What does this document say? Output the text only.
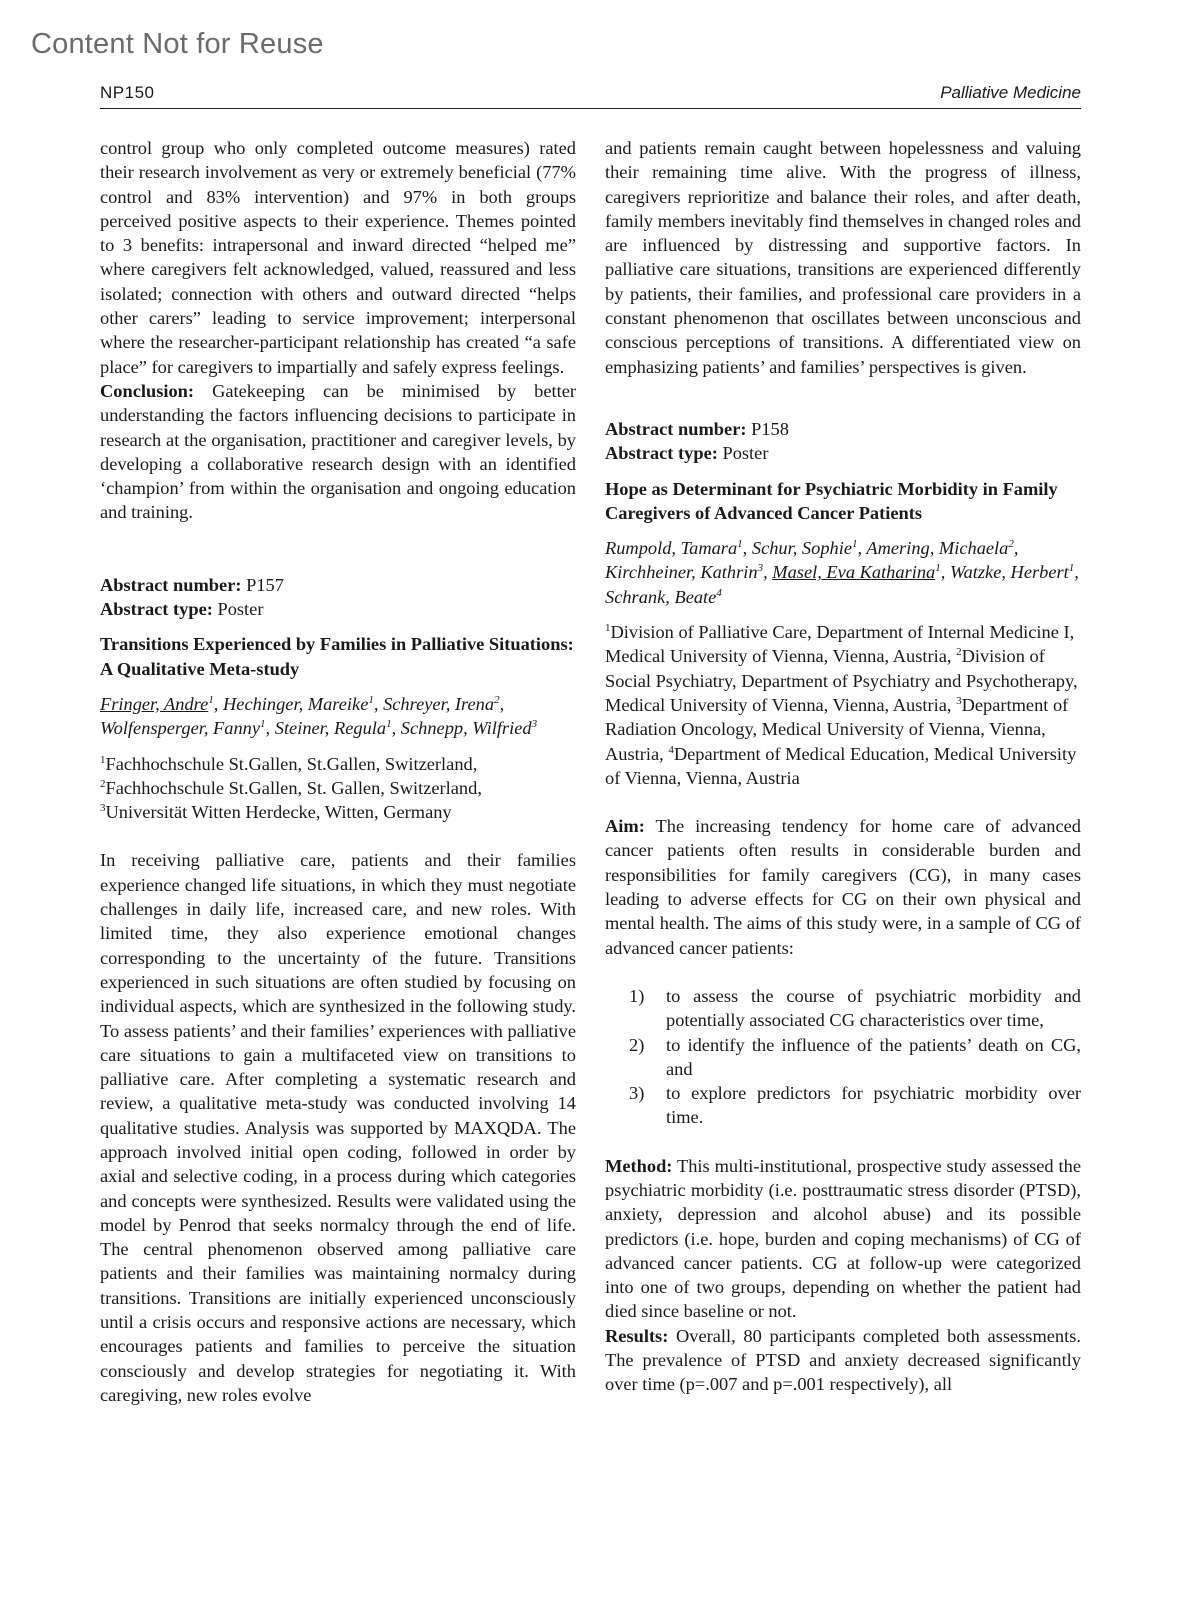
Content Not for Reuse
NP150	Palliative Medicine

control group who only completed outcome measures) rated their research involvement as very or extremely beneficial (77% control and 83% intervention) and 97% in both groups perceived positive aspects to their experience. Themes pointed to 3 benefits: intrapersonal and inward directed “helped me” where caregivers felt acknowledged, valued, reassured and less isolated; connection with others and outward directed “helps other carers” leading to service improvement; interpersonal where the researcher-participant relationship has created “a safe place” for caregivers to impartially and safely express feelings.

Conclusion: Gatekeeping can be minimised by better understanding the factors influencing decisions to participate in research at the organisation, practitioner and caregiver levels, by developing a collaborative research design with an identified ‘champion’ from within the organisation and ongoing education and training.

Abstract number: P157
Abstract type: Poster
Transitions Experienced by Families in Palliative Situations: A Qualitative Meta-study
Fringer, Andre$^1$, Hechinger, Mareike$^1$, Schreyer, Irena$^2$, Wolfensperger, Fanny$^1$, Steiner, Regula$^1$, Schnepp, Wilfried$^3$
$^1$Fachhochschule St.Gallen, St.Gallen, Switzerland,
$^2$Fachhochschule St.Gallen, St. Gallen, Switzerland,
$^3$Universität Witten Herdecke, Witten, Germany

In receiving palliative care, patients and their families experience changed life situations, in which they must negotiate challenges in daily life, increased care, and new roles. With limited time, they also experience emotional changes corresponding to the uncertainty of the future. Transitions experienced in such situations are often studied by focusing on individual aspects, which are synthesized in the following study. To assess patients’ and their families’ experiences with palliative care situations to gain a multifaceted view on transitions to palliative care. After completing a systematic research and review, a qualitative meta-study was conducted involving 14 qualitative studies. Analysis was supported by MAXQDA. The approach involved initial open coding, followed in order by axial and selective coding, in a process during which categories and concepts were synthesized. Results were validated using the model by Penrod that seeks normalcy through the end of life. The central phenomenon observed among palliative care patients and their families was maintaining normalcy during transitions. Transitions are initially experienced unconsciously until a crisis occurs and responsive actions are necessary, which encourages patients and families to perceive the situation consciously and develop strategies for negotiating it. With caregiving, new roles evolve

and patients remain caught between hopelessness and valuing their remaining time alive. With the progress of illness, caregivers reprioritize and balance their roles, and after death, family members inevitably find themselves in changed roles and are influenced by distressing and supportive factors. In palliative care situations, transitions are experienced differently by patients, their families, and professional care providers in a constant phenomenon that oscillates between unconscious and conscious perceptions of transitions. A differentiated view on emphasizing patients’ and families’ perspectives is given.

Abstract number: P158
Abstract type: Poster
Hope as Determinant for Psychiatric Morbidity in Family Caregivers of Advanced Cancer Patients
Rumpold, Tamara$^1$, Schur, Sophie$^1$, Amering, Michaela$^2$, Kirchheiner, Kathrin$^3$, Masel, Eva Katharina$^1$, Watzke, Herbert$^1$, Schrank, Beate$^4$
$^1$Division of Palliative Care, Department of Internal Medicine I, Medical University of Vienna, Vienna, Austria, $^2$Division of Social Psychiatry, Department of Psychiatry and Psychotherapy, Medical University of Vienna, Vienna, Austria, $^3$Department of Radiation Oncology, Medical University of Vienna, Vienna, Austria, $^4$Department of Medical Education, Medical University of Vienna, Vienna, Austria

Aim: The increasing tendency for home care of advanced cancer patients often results in considerable burden and responsibilities for family caregivers (CG), in many cases leading to adverse effects for CG on their own physical and mental health. The aims of this study were, in a sample of CG of advanced cancer patients:

1) to assess the course of psychiatric morbidity and potentially associated CG characteristics over time,
2) to identify the influence of the patients’ death on CG, and
3) to explore predictors for psychiatric morbidity over time.

Method: This multi-institutional, prospective study assessed the psychiatric morbidity (i.e. posttraumatic stress disorder (PTSD), anxiety, depression and alcohol abuse) and its possible predictors (i.e. hope, burden and coping mechanisms) of CG of advanced cancer patients. CG at follow-up were categorized into one of two groups, depending on whether the patient had died since baseline or not.

Results: Overall, 80 participants completed both assessments. The prevalence of PTSD and anxiety decreased significantly over time (p=.007 and p=.001 respectively), all
